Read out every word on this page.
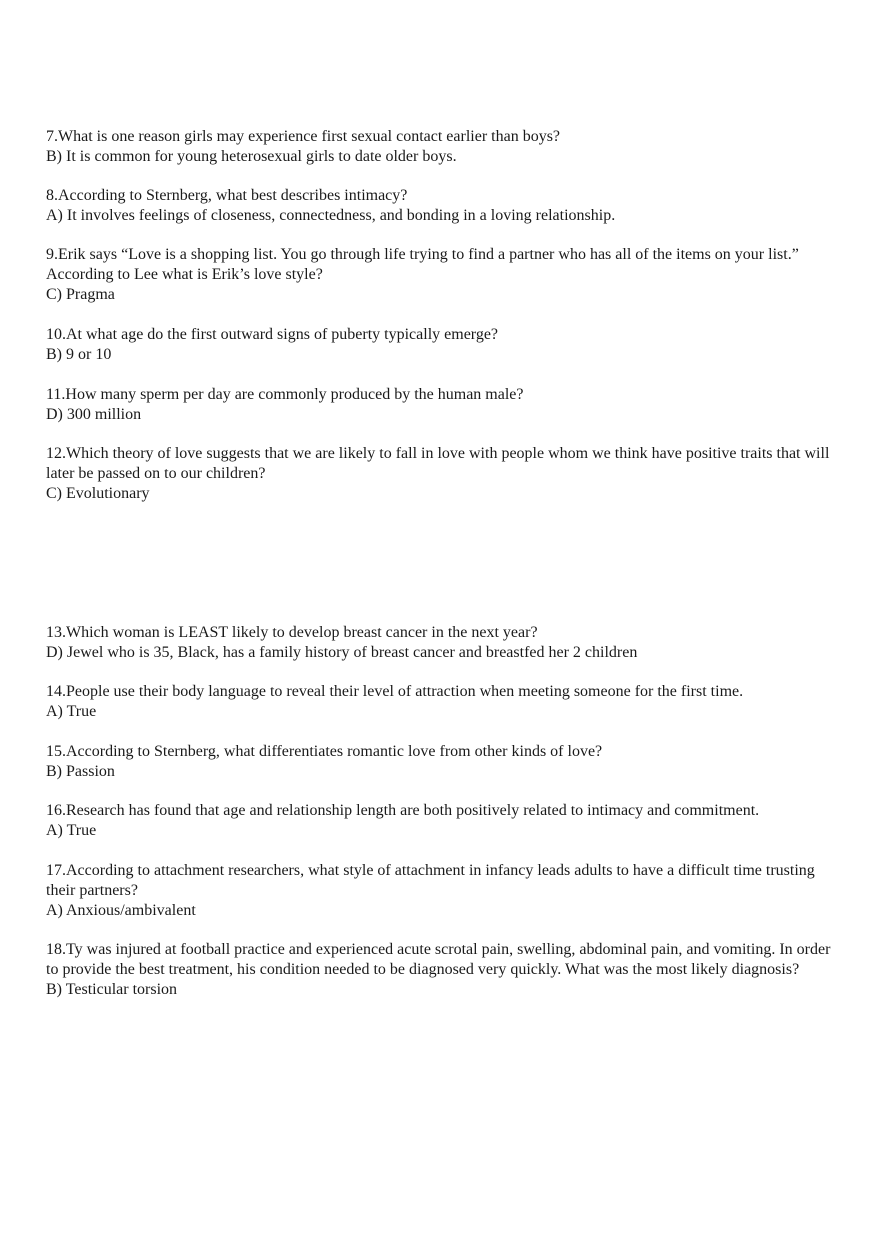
7.What is one reason girls may experience first sexual contact earlier than boys?
B) It is common for young heterosexual girls to date older boys.
8.According to Sternberg, what best describes intimacy?
A) It involves feelings of closeness, connectedness, and bonding in a loving relationship.
9.Erik says “Love is a shopping list. You go through life trying to find a partner who has all of the items on your list.” According to Lee what is Erik’s love style?
C) Pragma
10.At what age do the first outward signs of puberty typically emerge?
B) 9 or 10
11.How many sperm per day are commonly produced by the human male?
D) 300 million
12.Which theory of love suggests that we are likely to fall in love with people whom we think have positive traits that will later be passed on to our children?
C) Evolutionary
13.Which woman is LEAST likely to develop breast cancer in the next year?
D) Jewel who is 35, Black, has a family history of breast cancer and breastfed her 2 children
14.People use their body language to reveal their level of attraction when meeting someone for the first time.
A) True
15.According to Sternberg, what differentiates romantic love from other kinds of love?
B) Passion
16.Research has found that age and relationship length are both positively related to intimacy and commitment.
A) True
17.According to attachment researchers, what style of attachment in infancy leads adults to have a difficult time trusting their partners?
A) Anxious/ambivalent
18.Ty was injured at football practice and experienced acute scrotal pain, swelling, abdominal pain, and vomiting. In order to provide the best treatment, his condition needed to be diagnosed very quickly. What was the most likely diagnosis?
B) Testicular torsion
